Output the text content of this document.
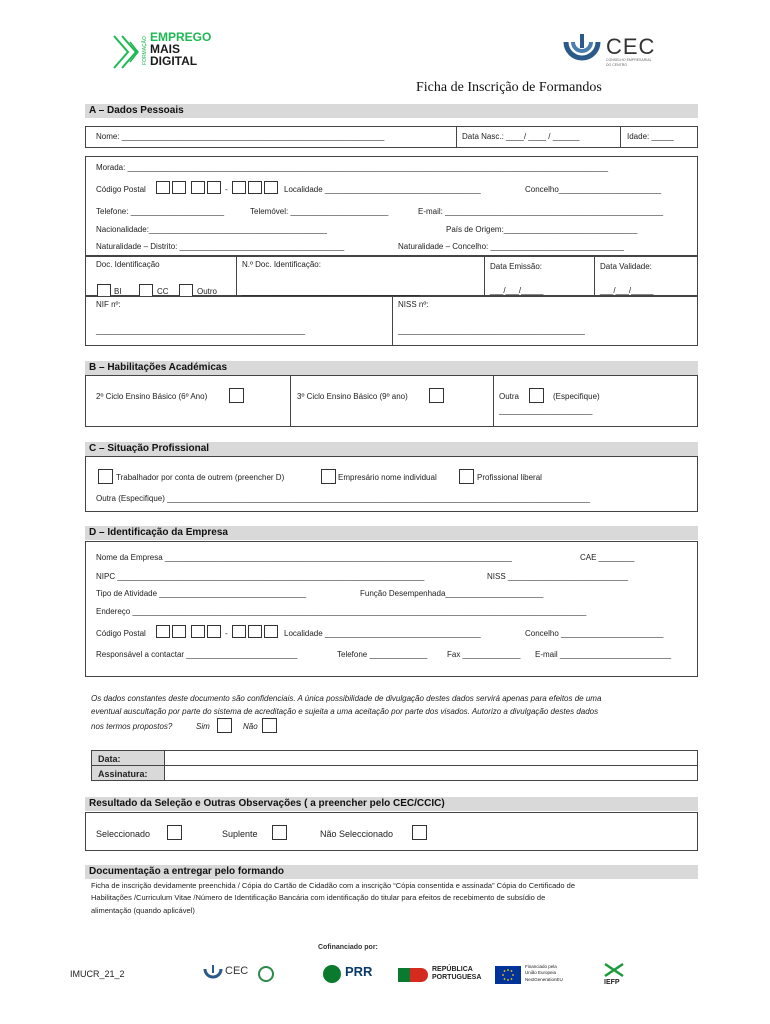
FORMAÇÃO EMPREGO
MAIS
DIGITAL
CEC
CONSELHO EMPRESARIAL
DO CENTRO
Ficha de Inscrição de Formandos
A – Dados Pessoais
Nome: ___________________________________________________________	Data Nasc.: ____/ ____ / ______	Idade: _____
Morada: ____________________________________________________________________________________________________________
Código Postal	-	Localidade ___________________________________	Concelho_______________________
Telefone: _____________________	Telemóvel: ______________________	E-mail: _________________________________________________
Nacionalidade:________________________________________	País de Origem:______________________________
Naturalidade – Distrito: _____________________________________	Naturalidade – Concelho: ______________________________
Doc. Identificação
BI	CC	Outro
N.º Doc. Identificação:
________________________________________
Data Emissão:
___/___/_____
Data Validade:
___/___/_____
NIF nº:
_______________________________________________
NISS nº:
__________________________________________
B – Habilitações Académicas
2º Ciclo Ensino Básico (6º Ano)	3º Ciclo Ensino Básico (9º ano)	Outra	(Especifique)
_____________________
C – Situação Profissional
Trabalhador por conta de outrem (preencher D)	Empresário nome individual	Profissional liberal
Outra (Especifique) _______________________________________________________________________________________________
D – Identificação da Empresa
Nome da Empresa ______________________________________________________________________________	CAE ________
NIPC _____________________________________________________________________	NISS ___________________________
Tipo de Atividade _________________________________	Função Desempenhada______________________
Endereço ______________________________________________________________________________________________________
Código Postal	-	Localidade ___________________________________	Concelho _______________________
Responsável a contactar _________________________	Telefone _____________ Fax _____________ E-mail _________________________
Os dados constantes deste documento são confidenciais. A única possibilidade de divulgação destes dados servirá apenas para efeitos de uma
eventual auscultação por parte do sistema de acreditação e sujeita a uma aceitação por parte dos visados. Autorizo a divulgação destes dados
nos termos propostos?	Sim	Não
Data:
Assinatura:
Resultado da Seleção e Outras Observações ( a preencher pelo CEC/CCIC)
Seleccionado	Suplente	Não Seleccionado
Documentação a entregar pelo formando
Ficha de inscrição devidamente preenchida / Cópia do Cartão de Cidadão com a inscrição “Cópia consentida e assinada” Cópia do Certificado de
Habilitações /Curriculum Vitae /Número de Identificação Bancária com identificação do titular para efeitos de recebimento de subsídio de
alimentação (quando aplicável)
Cofinanciado por:
IMUCR_21_2	CEC	PRR	REPÚBLICA
PORTUGUESA
Financiado pela
União Europeia
NextGenerationEU	IEFP
